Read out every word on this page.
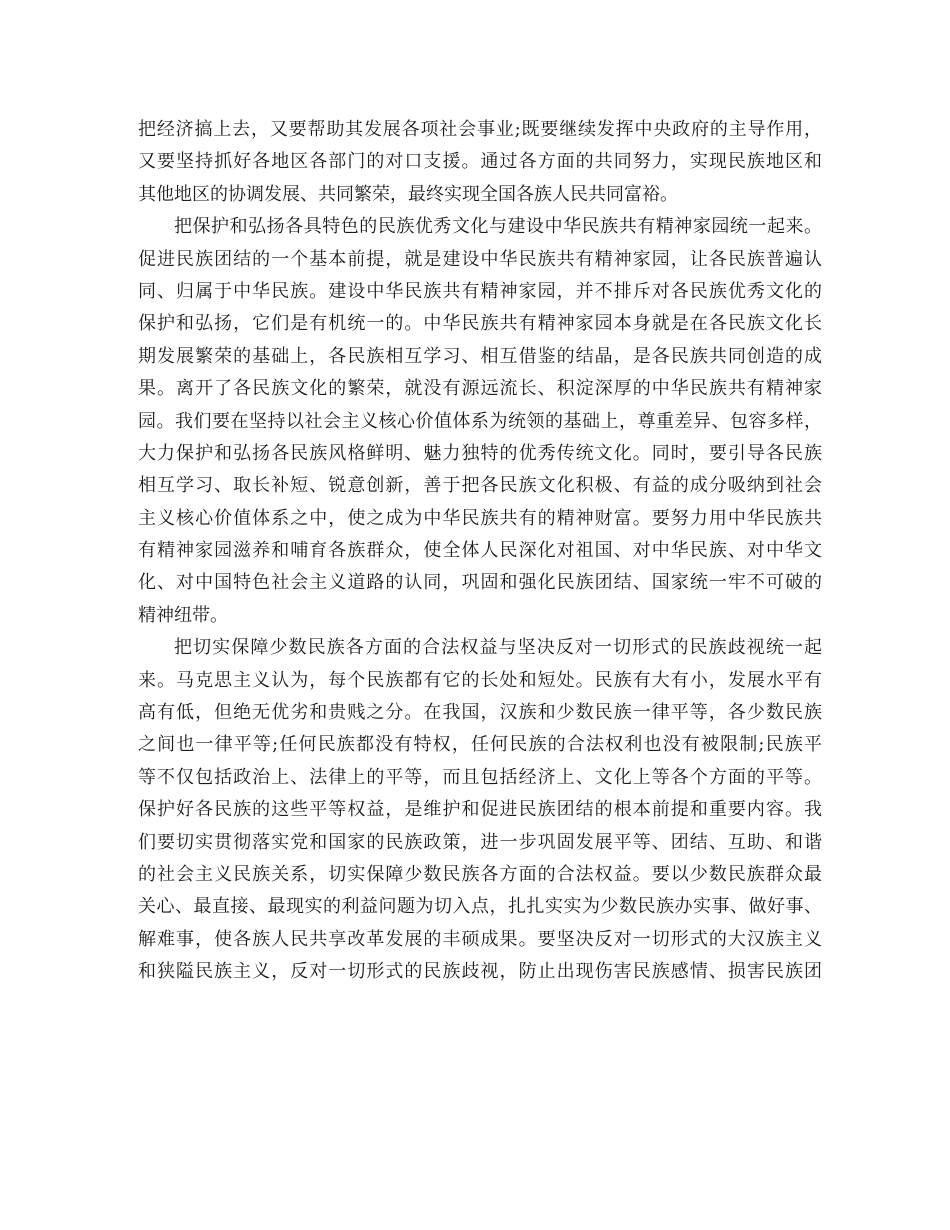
把经济搞上去，又要帮助其发展各项社会事业;既要继续发挥中央政府的主导作用，
又要坚持抓好各地区各部门的对口支援。通过各方面的共同努力，实现民族地区和
其他地区的协调发展、共同繁荣，最终实现全国各族人民共同富裕。
把保护和弘扬各具特色的民族优秀文化与建设中华民族共有精神家园统一起来。
促进民族团结的一个基本前提，就是建设中华民族共有精神家园，让各民族普遍认
同、归属于中华民族。建设中华民族共有精神家园，并不排斥对各民族优秀文化的
保护和弘扬，它们是有机统一的。中华民族共有精神家园本身就是在各民族文化长
期发展繁荣的基础上，各民族相互学习、相互借鉴的结晶，是各民族共同创造的成
果。离开了各民族文化的繁荣，就没有源远流长、积淀深厚的中华民族共有精神家
园。我们要在坚持以社会主义核心价值体系为统领的基础上，尊重差异、包容多样，
大力保护和弘扬各民族风格鲜明、魅力独特的优秀传统文化。同时，要引导各民族
相互学习、取长补短、锐意创新，善于把各民族文化积极、有益的成分吸纳到社会
主义核心价值体系之中，使之成为中华民族共有的精神财富。要努力用中华民族共
有精神家园滋养和哺育各族群众，使全体人民深化对祖国、对中华民族、对中华文
化、对中国特色社会主义道路的认同，巩固和强化民族团结、国家统一牢不可破的
精神纽带。
把切实保障少数民族各方面的合法权益与坚决反对一切形式的民族歧视统一起
来。马克思主义认为，每个民族都有它的长处和短处。民族有大有小，发展水平有
高有低，但绝无优劣和贵贱之分。在我国，汉族和少数民族一律平等，各少数民族
之间也一律平等;任何民族都没有特权，任何民族的合法权利也没有被限制;民族平
等不仅包括政治上、法律上的平等，而且包括经济上、文化上等各个方面的平等。
保护好各民族的这些平等权益，是维护和促进民族团结的根本前提和重要内容。我
们要切实贯彻落实党和国家的民族政策，进一步巩固发展平等、团结、互助、和谐
的社会主义民族关系，切实保障少数民族各方面的合法权益。要以少数民族群众最
关心、最直接、最现实的利益问题为切入点，扎扎实实为少数民族办实事、做好事、
解难事，使各族人民共享改革发展的丰硕成果。要坚决反对一切形式的大汉族主义
和狭隘民族主义，反对一切形式的民族歧视，防止出现伤害民族感情、损害民族团
